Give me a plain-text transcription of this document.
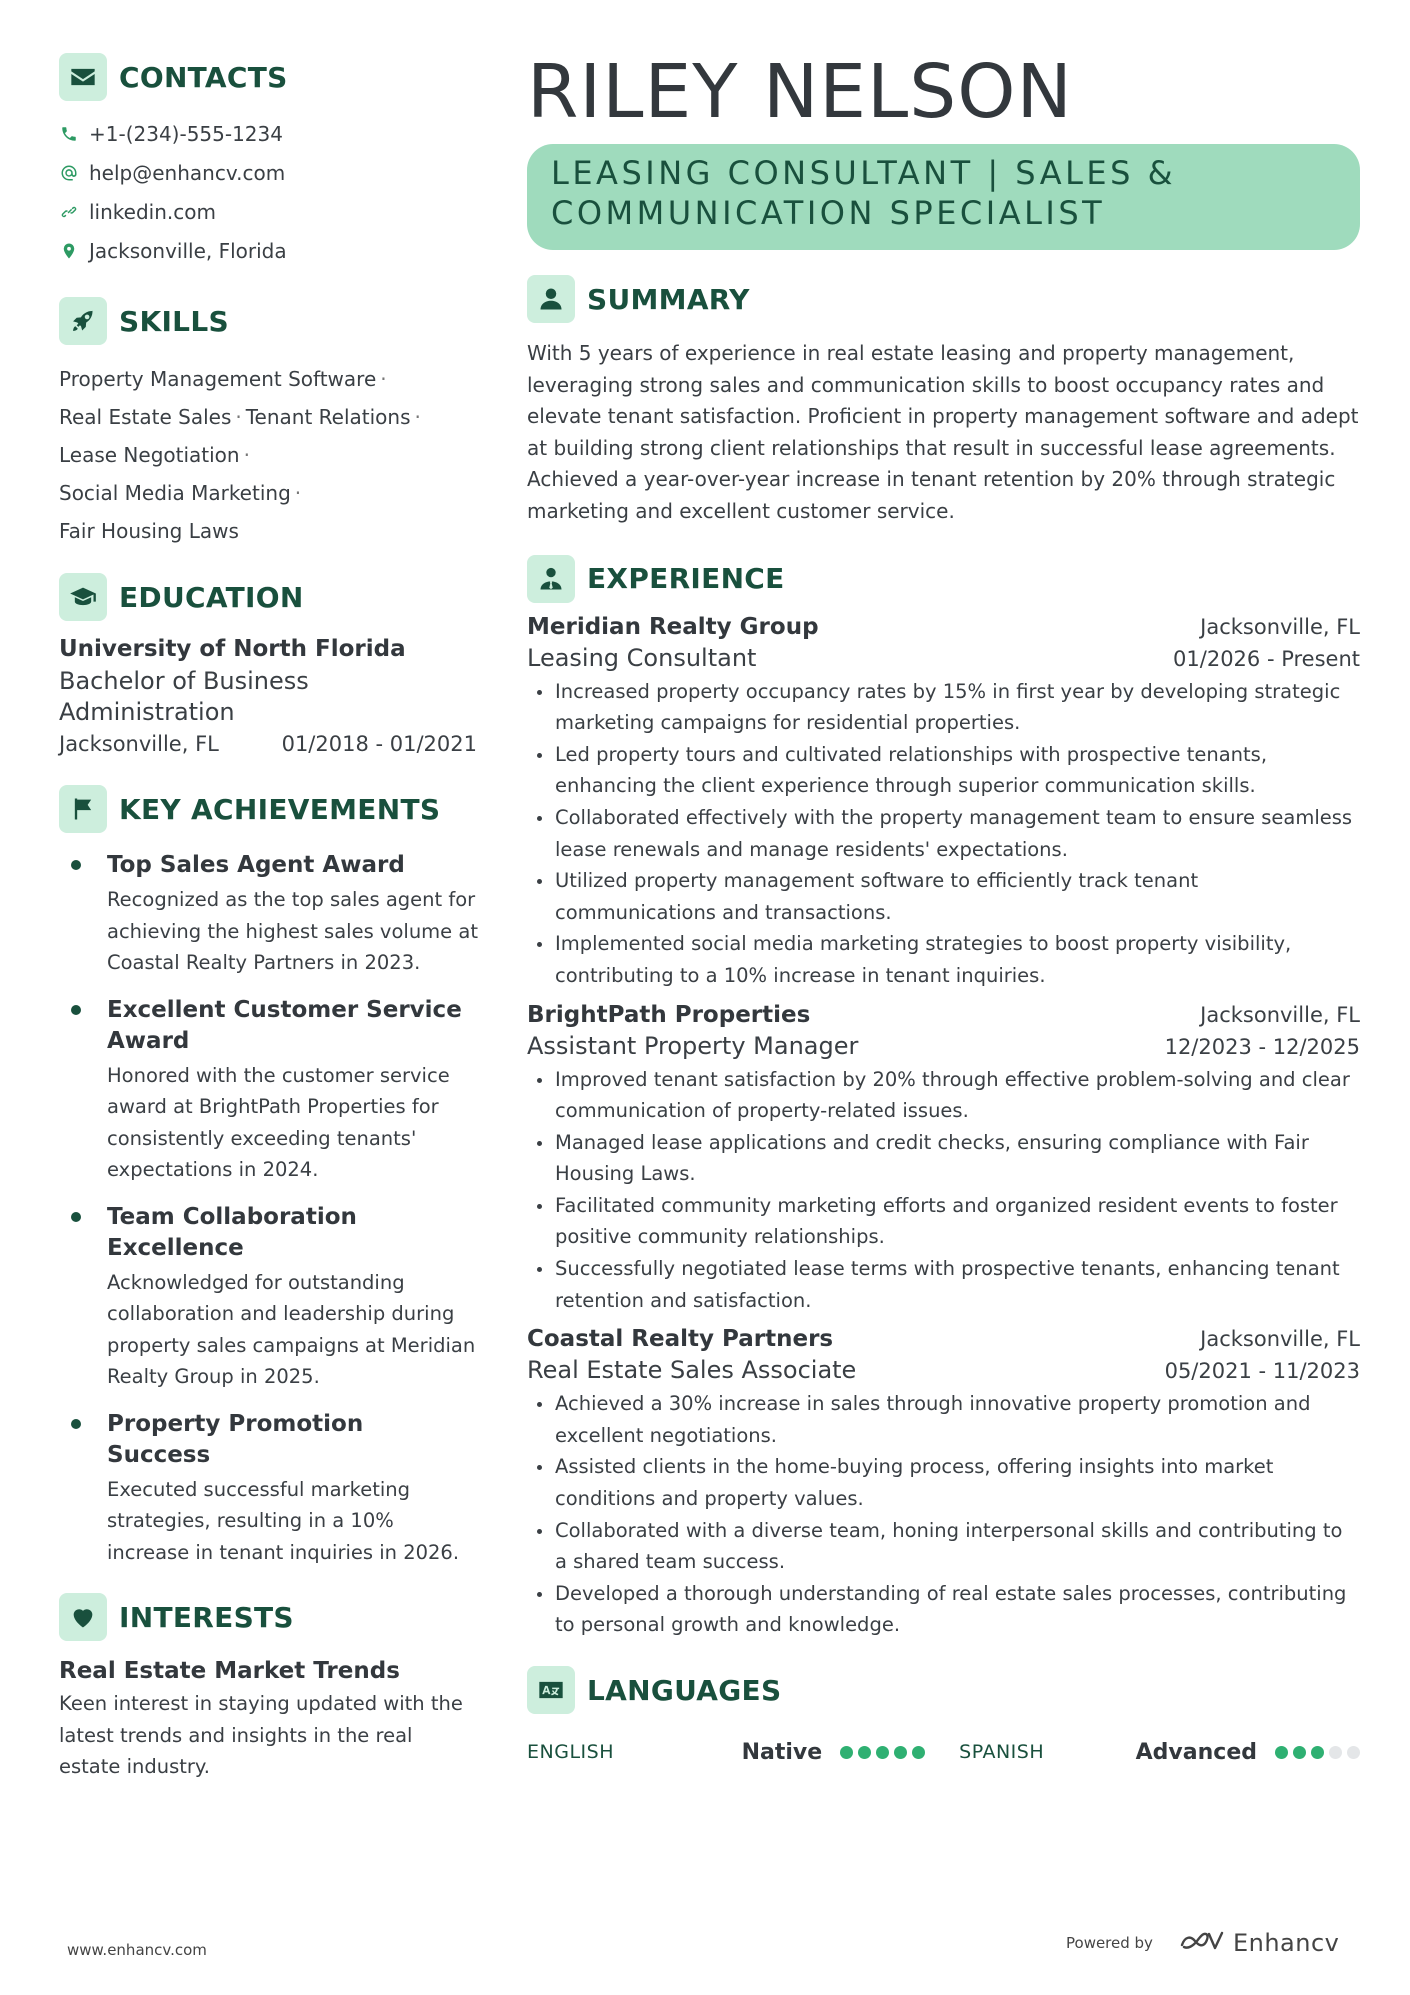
CONTACTS
+1-(234)-555-1234
help@enhancv.com
linkedin.com
Jacksonville, Florida
SKILLS
Property Management Software ·
Real Estate Sales · Tenant Relations ·
Lease Negotiation ·
Social Media Marketing ·
Fair Housing Laws
EDUCATION
University of North Florida
Bachelor of Business Administration
Jacksonville, FL	01/2018 - 01/2021
KEY ACHIEVEMENTS
Top Sales Agent Award
Recognized as the top sales agent for achieving the highest sales volume at Coastal Realty Partners in 2023.
Excellent Customer Service Award
Honored with the customer service award at BrightPath Properties for consistently exceeding tenants' expectations in 2024.
Team Collaboration Excellence
Acknowledged for outstanding collaboration and leadership during property sales campaigns at Meridian Realty Group in 2025.
Property Promotion Success
Executed successful marketing strategies, resulting in a 10% increase in tenant inquiries in 2026.
INTERESTS
Real Estate Market Trends
Keen interest in staying updated with the latest trends and insights in the real estate industry.
RILEY NELSON
LEASING CONSULTANT | SALES &
COMMUNICATION SPECIALIST
SUMMARY
With 5 years of experience in real estate leasing and property management, leveraging strong sales and communication skills to boost occupancy rates and elevate tenant satisfaction. Proficient in property management software and adept at building strong client relationships that result in successful lease agreements. Achieved a year-over-year increase in tenant retention by 20% through strategic marketing and excellent customer service.
EXPERIENCE
Meridian Realty Group	Jacksonville, FL
Leasing Consultant	01/2026 - Present
Increased property occupancy rates by 15% in first year by developing strategic marketing campaigns for residential properties.
Led property tours and cultivated relationships with prospective tenants, enhancing the client experience through superior communication skills.
Collaborated effectively with the property management team to ensure seamless lease renewals and manage residents' expectations.
Utilized property management software to efficiently track tenant communications and transactions.
Implemented social media marketing strategies to boost property visibility, contributing to a 10% increase in tenant inquiries.
BrightPath Properties	Jacksonville, FL
Assistant Property Manager	12/2023 - 12/2025
Improved tenant satisfaction by 20% through effective problem-solving and clear communication of property-related issues.
Managed lease applications and credit checks, ensuring compliance with Fair Housing Laws.
Facilitated community marketing efforts and organized resident events to foster positive community relationships.
Successfully negotiated lease terms with prospective tenants, enhancing tenant retention and satisfaction.
Coastal Realty Partners	Jacksonville, FL
Real Estate Sales Associate	05/2021 - 11/2023
Achieved a 30% increase in sales through innovative property promotion and excellent negotiations.
Assisted clients in the home-buying process, offering insights into market conditions and property values.
Collaborated with a diverse team, honing interpersonal skills and contributing to a shared team success.
Developed a thorough understanding of real estate sales processes, contributing to personal growth and knowledge.
LANGUAGES
ENGLISH	Native	SPANISH	Advanced
www.enhancv.com	Powered by	Enhancv
